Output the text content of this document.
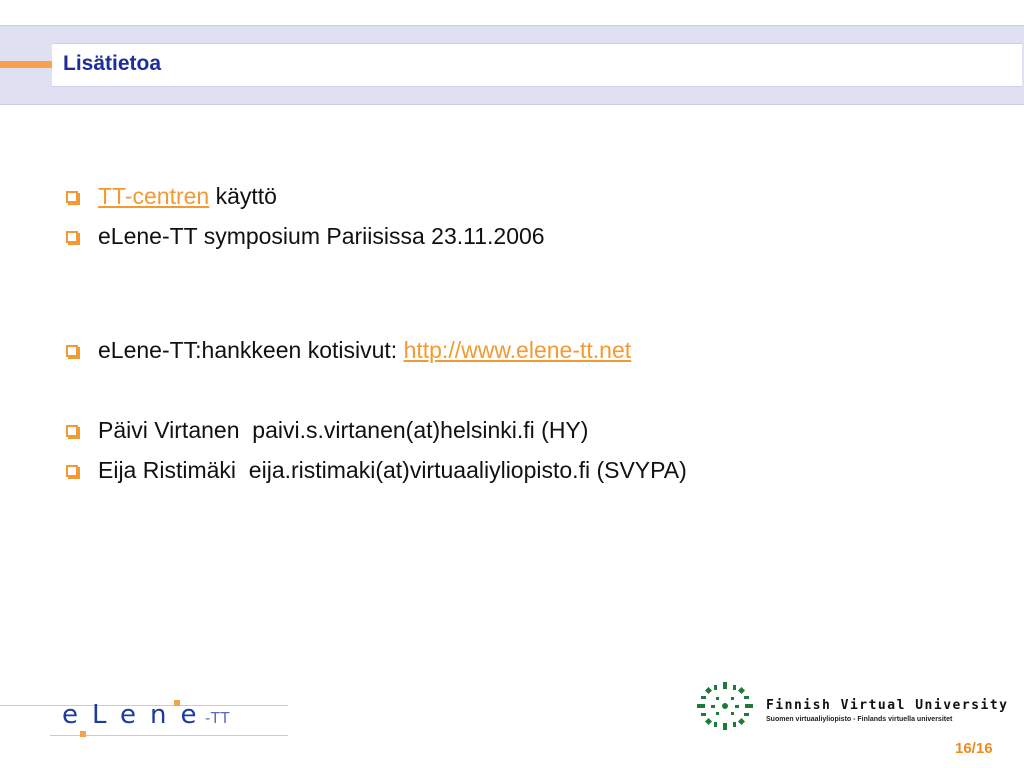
Lisätietoa
TT-centren käyttö
eLene-TT symposium Pariisissa 23.11.2006
eLene-TT:hankkeen kotisivut: http://www.elene-tt.net
Päivi Virtanen  paivi.s.virtanen(at)helsinki.fi (HY)
Eija Ristimäki  eija.ristimaki(at)virtuaaliyliopisto.fi (SVYPA)
eLene
-TT
Finnish Virtual University
Suomen virtuaaliyliopisto - Finlands virtuella universitet
16/16
